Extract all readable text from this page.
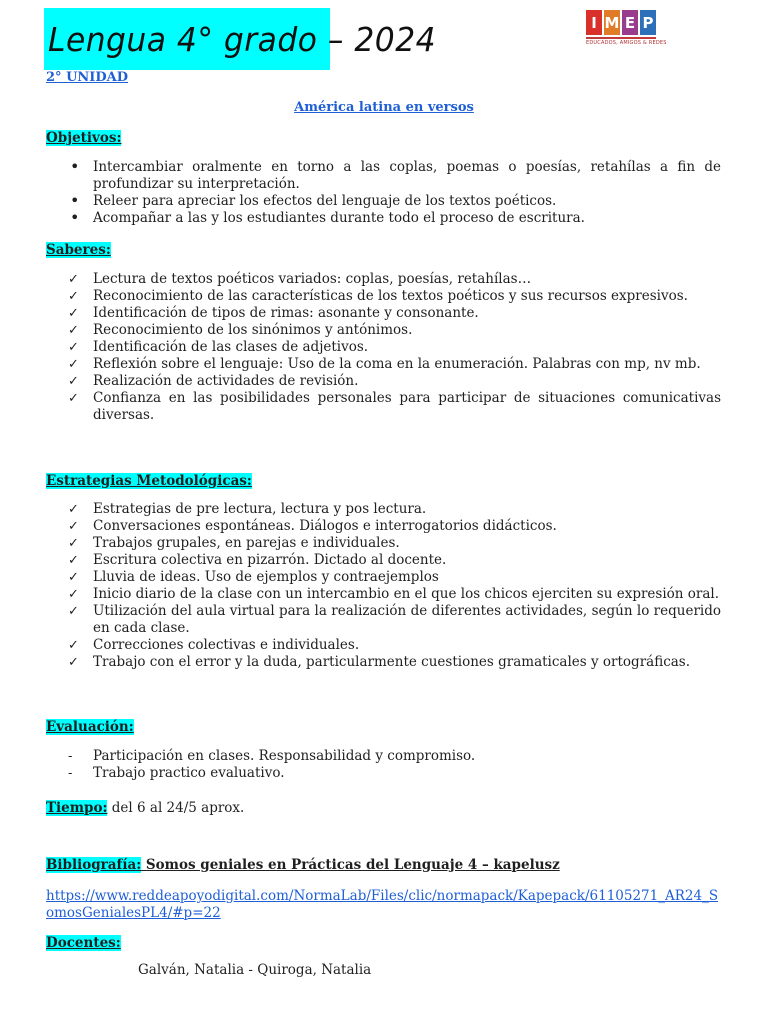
Lengua 4° grado – 2024	I M E P
EDUCADOS, AMIGOS & REDES
2° UNIDAD
América latina en versos
Objetivos:
•	Intercambiar oralmente en torno a las coplas, poemas o poesías, retahílas a fin de profundizar su interpretación.
•	Releer para apreciar los efectos del lenguaje de los textos poéticos.
•	Acompañar a las y los estudiantes durante todo el proceso de escritura.
Saberes:
✓	Lectura de textos poéticos variados: coplas, poesías, retahílas…
✓	Reconocimiento de las características de los textos poéticos y sus recursos expresivos.
✓	Identificación de tipos de rimas: asonante y consonante.
✓	Reconocimiento de los sinónimos y antónimos.
✓	Identificación de las clases de adjetivos.
✓	Reflexión sobre el lenguaje: Uso de la coma en la enumeración. Palabras con mp, nv mb.
✓	Realización de actividades de revisión.
✓	Confianza en las posibilidades personales para participar de situaciones comunicativas diversas.
Estrategias Metodológicas:
✓	Estrategias de pre lectura, lectura y pos lectura.
✓	Conversaciones espontáneas. Diálogos e interrogatorios didácticos.
✓	Trabajos grupales, en parejas e individuales.
✓	Escritura colectiva en pizarrón. Dictado al docente.
✓	Lluvia de ideas. Uso de ejemplos y contraejemplos
✓	Inicio diario de la clase con un intercambio en el que los chicos ejerciten su expresión oral.
✓	Utilización del aula virtual para la realización de diferentes actividades, según lo requerido en cada clase.
✓	Correcciones colectivas e individuales.
✓	Trabajo con el error y la duda, particularmente cuestiones gramaticales y ortográficas.
Evaluación:
-	Participación en clases. Responsabilidad y compromiso.
-	Trabajo practico evaluativo.
Tiempo: del 6 al 24/5 aprox.
Bibliografía: Somos geniales en Prácticas del Lenguaje 4 – kapelusz
https://www.reddeapoyodigital.com/NormaLab/Files/clic/normapack/Kapepack/61105271_AR24_SomosGenialesPL4/#p=22
Docentes:
Galván, Natalia - Quiroga, Natalia
